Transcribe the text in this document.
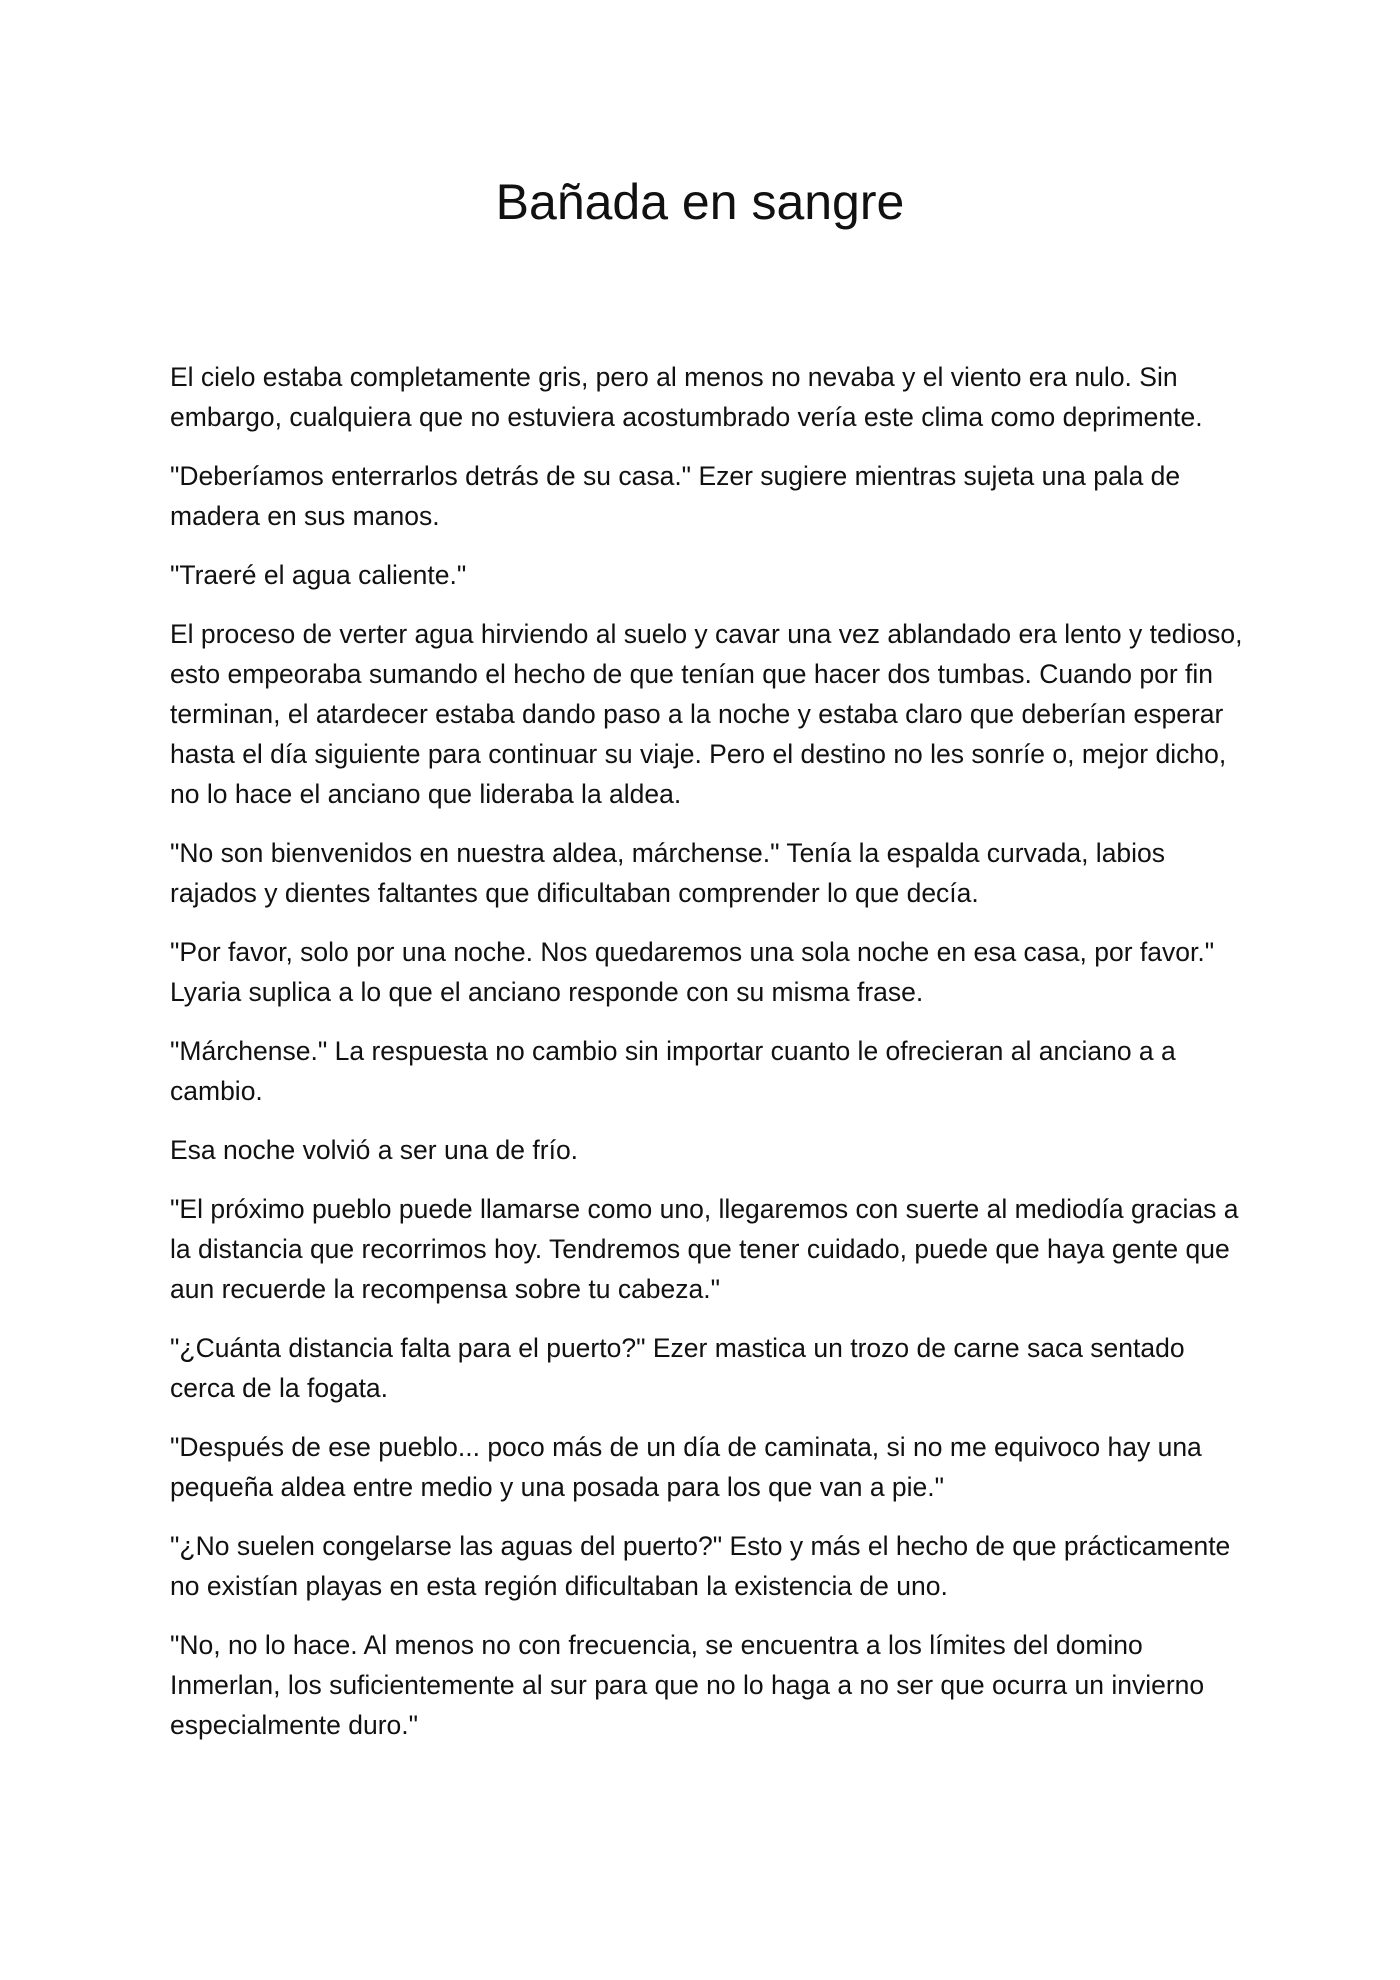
Bañada en sangre

El cielo estaba completamente gris, pero al menos no nevaba y el viento era nulo. Sin embargo, cualquiera que no estuviera acostumbrado vería este clima como deprimente.

"Deberíamos enterrarlos detrás de su casa." Ezer sugiere mientras sujeta una pala de madera en sus manos.

"Traeré el agua caliente."

El proceso de verter agua hirviendo al suelo y cavar una vez ablandado era lento y tedioso, esto empeoraba sumando el hecho de que tenían que hacer dos tumbas. Cuando por fin terminan, el atardecer estaba dando paso a la noche y estaba claro que deberían esperar hasta el día siguiente para continuar su viaje. Pero el destino no les sonríe o, mejor dicho, no lo hace el anciano que lideraba la aldea.

"No son bienvenidos en nuestra aldea, márchense." Tenía la espalda curvada, labios rajados y dientes faltantes que dificultaban comprender lo que decía.

"Por favor, solo por una noche. Nos quedaremos una sola noche en esa casa, por favor." Lyaria suplica a lo que el anciano responde con su misma frase.

"Márchense." La respuesta no cambio sin importar cuanto le ofrecieran al anciano a a cambio.

Esa noche volvió a ser una de frío.

"El próximo pueblo puede llamarse como uno, llegaremos con suerte al mediodía gracias a la distancia que recorrimos hoy. Tendremos que tener cuidado, puede que haya gente que aun recuerde la recompensa sobre tu cabeza."

"¿Cuánta distancia falta para el puerto?" Ezer mastica un trozo de carne saca sentado cerca de la fogata.

"Después de ese pueblo... poco más de un día de caminata, si no me equivoco hay una pequeña aldea entre medio y una posada para los que van a pie."

"¿No suelen congelarse las aguas del puerto?" Esto y más el hecho de que prácticamente no existían playas en esta región dificultaban la existencia de uno.

"No, no lo hace. Al menos no con frecuencia, se encuentra a los límites del domino Inmerlan, los suficientemente al sur para que no lo haga a no ser que ocurra un invierno especialmente duro."
